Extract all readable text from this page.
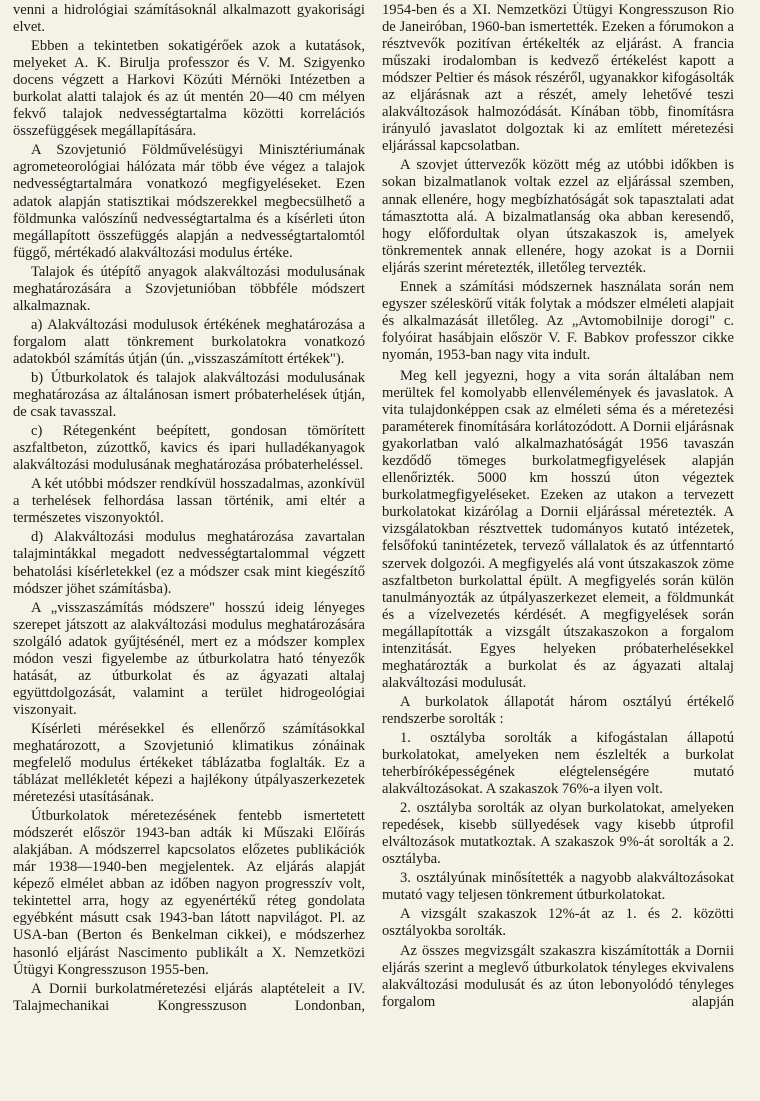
venni a hidrológiai számításoknál alkalmazott gyakorisági elvet.

Ebben a tekintetben sokatigérőek azok a kutatások, melyeket A. K. Birulja professzor és V. M. Szigyenko docens végzett a Harkovi Közúti Mérnöki Intézetben a burkolat alatti talajok és az út mentén 20—40 cm mélyen fekvő talajok nedvességtartalma közötti korrelációs összefüggések megállapítására.

A Szovjetunió Földművelésügyi Minisztériumának agrometeorológiai hálózata már több éve végez a talajok nedvességtartalmára vonatkozó megfigyeléseket. Ezen adatok alapján statisztikai módszerekkel megbecsülhető a földmunka valószínű nedvességtartalma és a kísérleti úton megállapított összefüggés alapján a nedvességtartalomtól függő, mértékadó alakváltozási modulus értéke.

Talajok és útépítő anyagok alakváltozási modulusának meghatározására a Szovjetunióban többféle módszert alkalmaznak.

a) Alakváltozási modulusok értékének meghatározása a forgalom alatt tönkrement burkolatokra vonatkozó adatokból számítás útján (ún. „visszaszámított értékek").

b) Útburkolatok és talajok alakváltozási modulusának meghatározása az általánosan ismert próbaterhelések útján, de csak tavasszal.

c) Rétegenként beépített, gondosan tömörített aszfaltbeton, zúzottkő, kavics és ipari hulladékanyagok alakváltozási modulusának meghatározása próbaterheléssel.

A két utóbbi módszer rendkívül hosszadalmas, azonkívül a terhelések felhordása lassan történik, ami eltér a természetes viszonyoktól.

d) Alakváltozási modulus meghatározása zavartalan talajmintákkal megadott nedvességtartalommal végzett behatolási kísérletekkel (ez a módszer csak mint kiegészítő módszer jöhet számításba).

A „visszaszámítás módszere" hosszú ideig lényeges szerepet játszott az alakváltozási modulus meghatározására szolgáló adatok gyűjtésénél, mert ez a módszer komplex módon veszi figyelembe az útburkolatra ható tényezők hatását, az útburkolat és az ágyazati altalaj együttdolgozását, valamint a terület hidrogeológiai viszonyait.

Kísérleti mérésekkel és ellenőrző számításokkal meghatározott, a Szovjetunió klimatikus zónáinak megfelelő modulus értékeket táblázatba foglalták. Ez a táblázat mellékletét képezi a hajlékony útpályaszerkezetek méretezési utasításának.

Útburkolatok méretezésének fentebb ismertetett módszerét először 1943-ban adták ki Műszaki Előírás alakjában. A módszerrel kapcsolatos előzetes publikációk már 1938—1940-ben megjelentek. Az eljárás alapját képező elmélet abban az időben nagyon progresszív volt, tekintettel arra, hogy az egyenértékű réteg gondolata egyébként másutt csak 1943-ban látott napvilágot. Pl. az USA-ban (Berton és Benkelman cikkei), e módszerhez hasonló eljárást Nascimento publikált a X. Nemzetközi Útügyi Kongresszuson 1955-ben.

A Dornii burkolatméretezési eljárás alaptételeit a IV. Talajmechanikai Kongresszuson Londonban,

1954-ben és a XI. Nemzetközi Útügyi Kongresszuson Rio de Janeiróban, 1960-ban ismertették. Ezeken a fórumokon a résztvevők pozitívan értékelték az eljárást. A francia műszaki irodalomban is kedvező értékelést kapott a módszer Peltier és mások részéről, ugyanakkor kifogásolták az eljárásnak azt a részét, amely lehetővé teszi alakváltozások halmozódását. Kínában több, finomításra irányuló javaslatot dolgoztak ki az említett méretezési eljárással kapcsolatban.

A szovjet úttervezők között még az utóbbi időkben is sokan bizalmatlanok voltak ezzel az eljárással szemben, annak ellenére, hogy megbízhatóságát sok tapasztalati adat támasztotta alá. A bizalmatlanság oka abban keresendő, hogy előfordultak olyan útszakaszok is, amelyek tönkrementek annak ellenére, hogy azokat is a Dornii eljárás szerint méretezték, illetőleg tervezték.

Ennek a számítási módszernek használata során nem egyszer széleskörű viták folytak a módszer elméleti alapjait és alkalmazását illetőleg. Az „Avtomobilnije dorogi" c. folyóirat hasábjain először V. F. Babkov professzor cikke nyomán, 1953-ban nagy vita indult.

Meg kell jegyezni, hogy a vita során általában nem merültek fel komolyabb ellenvélemények és javaslatok. A vita tulajdonképpen csak az elméleti séma és a méretezési paraméterek finomítására korlátozódott. A Dornii eljárásnak gyakorlatban való alkalmazhatóságát 1956 tavaszán kezdődő tömeges burkolatmegfigyelések alapján ellenőrizték. 5000 km hosszú úton végeztek burkolatmegfigyeléseket. Ezeken az utakon a tervezett burkolatokat kizárólag a Dornii eljárással méretezték. A vizsgálatokban résztvettek tudományos kutató intézetek, felsőfokú tanintézetek, tervező vállalatok és az útfenntartó szervek dolgozói. A megfigyelés alá vont útszakaszok zöme aszfaltbeton burkolattal épült. A megfigyelés során külön tanulmányozták az útpályaszerkezet elemeit, a földmunkát és a vízelvezetés kérdését. A megfigyelések során megállapították a vizsgált útszakaszokon a forgalom intenzitását. Egyes helyeken próbaterhelésekkel meghatározták a burkolat és az ágyazati altalaj alakváltozási modulusát.

A burkolatok állapotát három osztályú értékelő rendszerbe sorolták :

1. osztályba sorolták a kifogástalan állapotú burkolatokat, amelyeken nem észlelték a burkolat teherbíróképességének elégtelenségére mutató alakváltozásokat. A szakaszok 76%-a ilyen volt.

2. osztályba sorolták az olyan burkolatokat, amelyeken repedések, kisebb süllyedések vagy kisebb útprofil elváltozások mutatkoztak. A szakaszok 9%-át sorolták a 2. osztályba.

3. osztályúnak minősítették a nagyobb alakváltozásokat mutató vagy teljesen tönkrement útburkolatokat.

A vizsgált szakaszok 12%-át az 1. és 2. közötti osztályokba sorolták.

Az összes megvizsgált szakaszra kiszámították a Dornii eljárás szerint a meglevő útburkolatok tényleges ekvivalens alakváltozási modulusát és az úton lebonyolódó tényleges forgalom alapján
